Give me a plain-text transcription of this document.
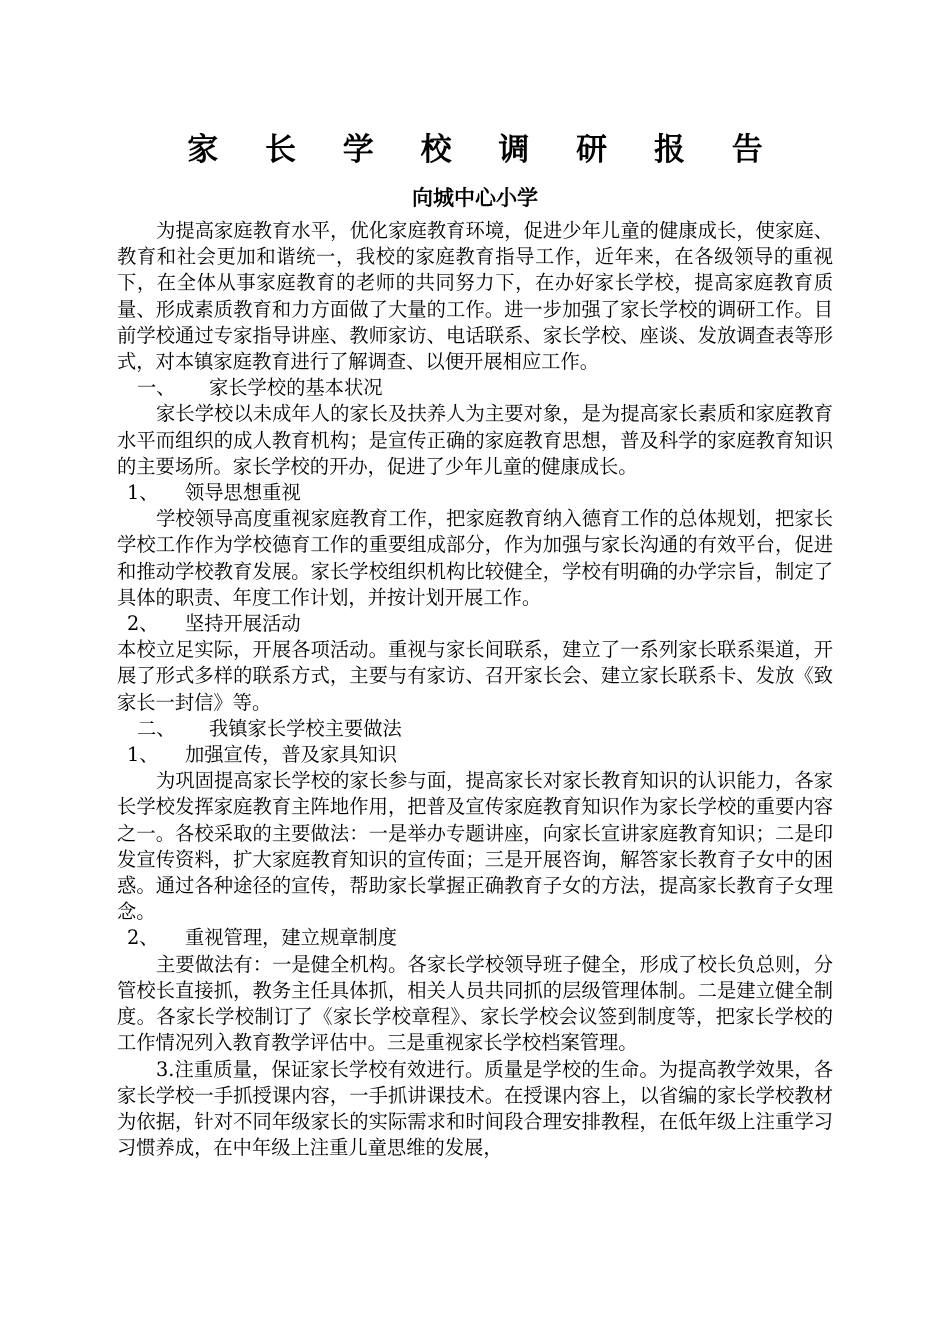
家 长 学 校 调 研 报 告
向城中心小学

为提高家庭教育水平，优化家庭教育环境，促进少年儿童的健康成长，使家庭、教育和社会更加和谐统一，我校的家庭教育指导工作，近年来，在各级领导的重视下，在全体从事家庭教育的老师的共同努力下，在办好家长学校，提高家庭教育质量、形成素质教育和力方面做了大量的工作。进一步加强了家长学校的调研工作。目前学校通过专家指导讲座、教师家访、电话联系、家长学校、座谈、发放调查表等形式，对本镇家庭教育进行了解调查、以便开展相应工作。

一、 家长学校的基本状况

家长学校以未成年人的家长及扶养人为主要对象，是为提高家长素质和家庭教育水平而组织的成人教育机构；是宣传正确的家庭教育思想，普及科学的家庭教育知识的主要场所。家长学校的开办，促进了少年儿童的健康成长。

1、 领导思想重视

学校领导高度重视家庭教育工作，把家庭教育纳入德育工作的总体规划，把家长学校工作作为学校德育工作的重要组成部分，作为加强与家长沟通的有效平台，促进和推动学校教育发展。家长学校组织机构比较健全，学校有明确的办学宗旨，制定了具体的职责、年度工作计划，并按计划开展工作。

2、 坚持开展活动

本校立足实际，开展各项活动。重视与家长间联系，建立了一系列家长联系渠道，开展了形式多样的联系方式，主要与有家访、召开家长会、建立家长联系卡、发放《致家长一封信》等。

二、 我镇家长学校主要做法
1、 加强宣传，普及家具知识

为巩固提高家长学校的家长参与面，提高家长对家长教育知识的认识能力，各家长学校发挥家庭教育主阵地作用，把普及宣传家庭教育知识作为家长学校的重要内容之一。各校采取的主要做法：一是举办专题讲座，向家长宣讲家庭教育知识；二是印发宣传资料，扩大家庭教育知识的宣传面；三是开展咨询，解答家长教育子女中的困惑。通过各种途径的宣传，帮助家长掌握正确教育子女的方法，提高家长教育子女理念。

2、 重视管理，建立规章制度

主要做法有：一是健全机构。各家长学校领导班子健全，形成了校长负总则，分管校长直接抓，教务主任具体抓，相关人员共同抓的层级管理体制。二是建立健全制度。各家长学校制订了《家长学校章程》、家长学校会议签到制度等，把家长学校的工作情况列入教育教学评估中。三是重视家长学校档案管理。

3.注重质量，保证家长学校有效进行。质量是学校的生命。为提高教学效果，各家长学校一手抓授课内容，一手抓讲课技术。在授课内容上，以省编的家长学校教材为依据，针对不同年级家长的实际需求和时间段合理安排教程，在低年级上注重学习习惯养成，在中年级上注重儿童思维的发展，
